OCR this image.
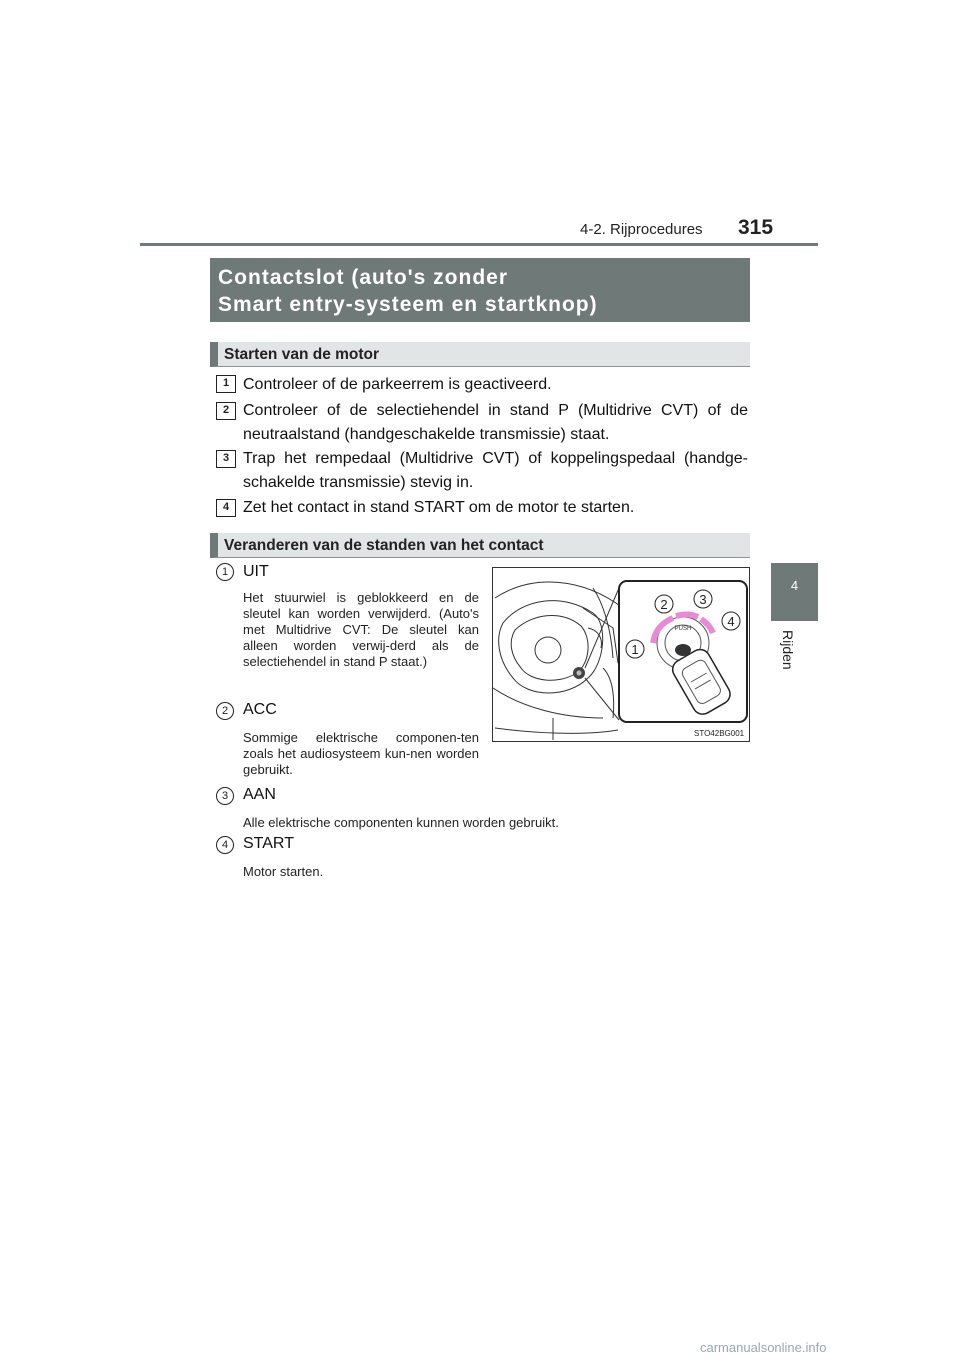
4-2. Rijprocedures 315
4
Rijden
Contactslot (auto's zonder
Smart entry-systeem en startknop)
Starten van de motor
1 Controleer of de parkeerrem is geactiveerd.
2 Controleer of de selectiehendel in stand P (Multidrive CVT) of de neutraalstand (handgeschakelde transmissie) staat.
3 Trap het rempedaal (Multidrive CVT) of koppelingspedaal (handge-schakelde transmissie) stevig in.
4 Zet het contact in stand START om de motor te starten.
Veranderen van de standen van het contact
1 UIT
Het stuurwiel is geblokkeerd en de sleutel kan worden verwijderd. (Auto's met Multidrive CVT: De sleutel kan alleen worden verwij-derd als de selectiehendel in stand P staat.)
2 ACC
Sommige elektrische componen-ten zoals het audiosysteem kun-nen worden gebruikt.
3 AAN
Alle elektrische componenten kunnen worden gebruikt.
4 START
Motor starten.
PUSH
1
2 3
4
STO42BG001
carmanualsonline.info
